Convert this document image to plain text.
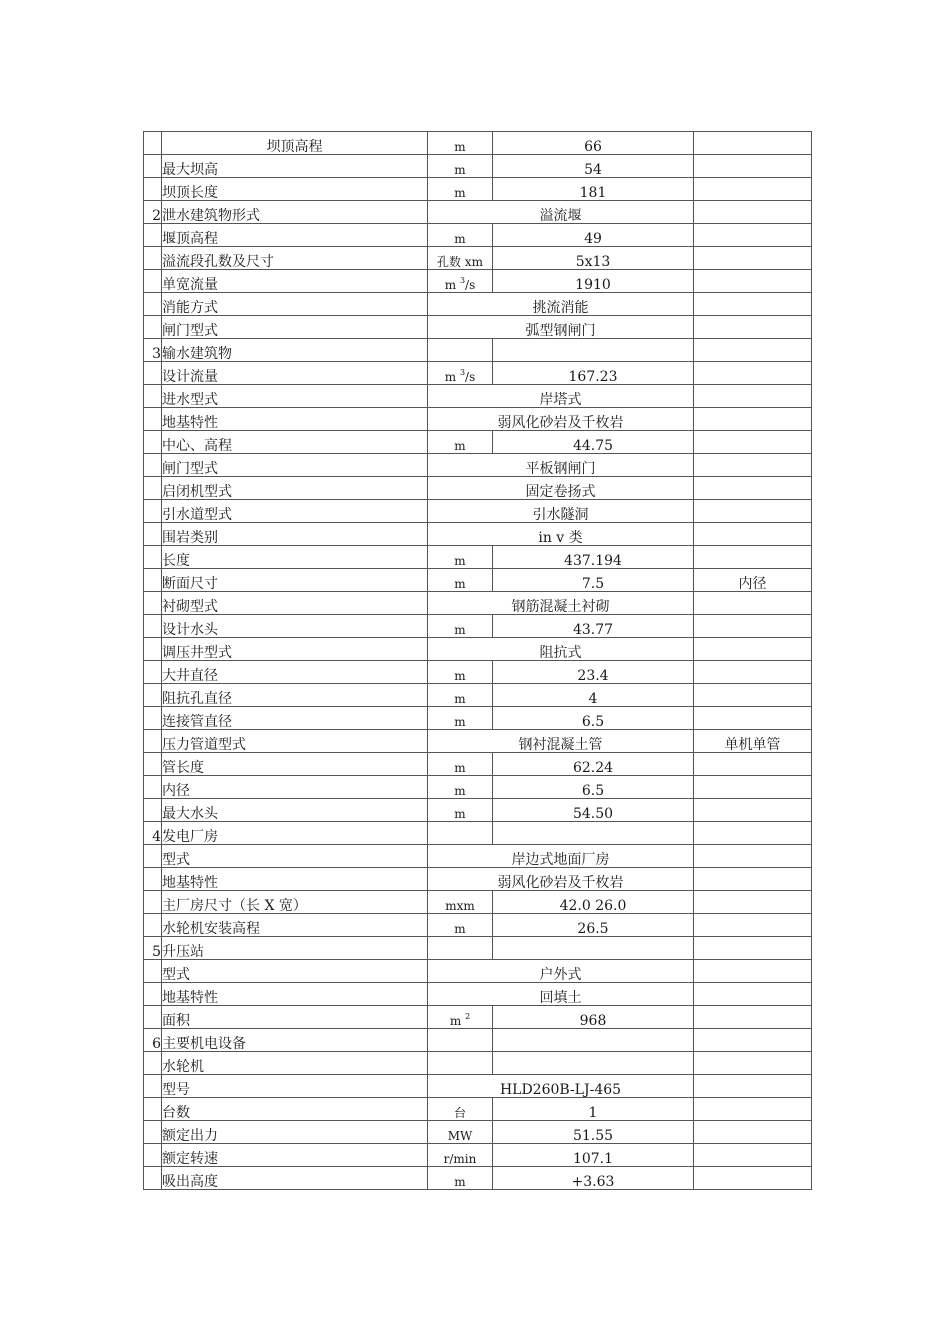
	坝顶高程	m	66	
	最大坝高	m	54	
	坝顶长度	m	181	
2	泄水建筑物形式	溢流堰		
	堰顶高程	m	49	
	溢流段孔数及尺寸	孔数 xm	5x13	
	单宽流量	m $^3$/s	1910	
	消能方式	挑流消能		
	闸门型式	弧型钢闸门		
3	输水建筑物			
	设计流量	m $^3$/s	167.23	
	进水型式	岸塔式		
	地基特性	弱风化砂岩及千枚岩		
	中心、高程	m	44.75	
	闸门型式	平板钢闸门		
	启闭机型式	固定卷扬式		
	引水道型式	引水隧洞		
	围岩类别	in v 类		
	长度	m	437.194	
	断面尺寸	m	7.5	内径
	衬砌型式	钢筋混凝土衬砌		
	设计水头	m	43.77	
	调压井型式	阻抗式		
	大井直径	m	23.4	
	阻抗孔直径	m	4	
	连接管直径	m	6.5	
	压力管道型式	钢衬混凝土管		单机单管
	管长度	m	62.24	
	内径	m	6.5	
	最大水头	m	54.50	
4	发电厂房			
	型式	岸边式地面厂房		
	地基特性	弱风化砂岩及千枚岩		
	主厂房尺寸（长 X 宽）	mxm	42.0 26.0	
	水轮机安装高程	m	26.5	
5	升压站			
	型式	户外式		
	地基特性	回填土		
	面积	m $^2$	968	
6	主要机电设备			
	水轮机			
	型号	HLD260B-LJ-465		
	台数	台	1	
	额定出力	MW	51.55	
	额定转速	r/min	107.1	
	吸出高度	m	+3.63	
